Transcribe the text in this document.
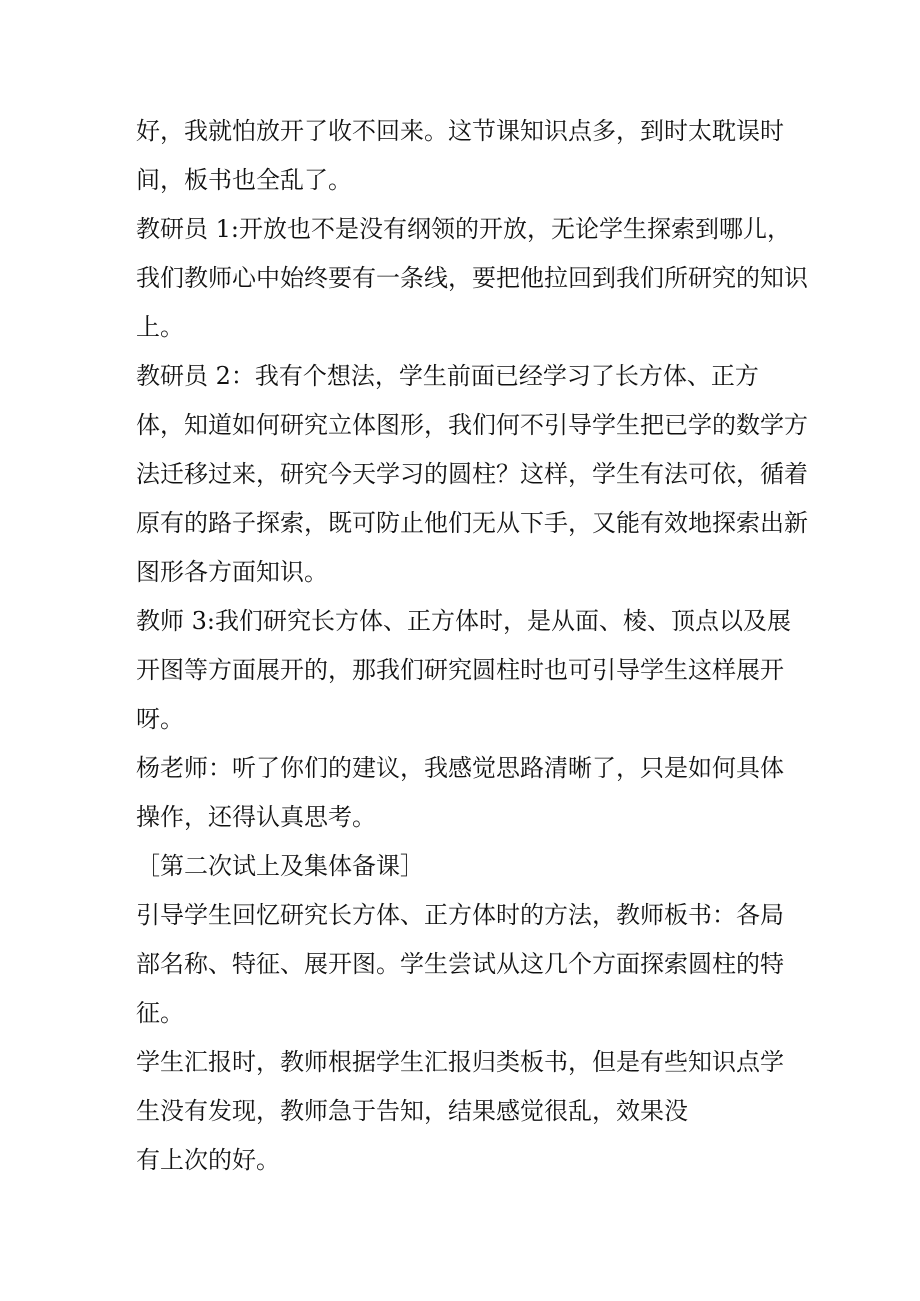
好，我就怕放开了收不回来。这节课知识点多，到时太耽误时
间，板书也全乱了。
教研员 1:开放也不是没有纲领的开放，无论学生探索到哪儿，
我们教师心中始终要有一条线，要把他拉回到我们所研究的知识
上。
教研员 2：我有个想法，学生前面已经学习了长方体、正方
体，知道如何研究立体图形，我们何不引导学生把已学的数学方
法迁移过来，研究今天学习的圆柱？这样，学生有法可依，循着
原有的路子探索，既可防止他们无从下手，又能有效地探索出新
图形各方面知识。
教师 3:我们研究长方体、正方体时，是从面、棱、顶点以及展
开图等方面展开的，那我们研究圆柱时也可引导学生这样展开
呀。
杨老师：听了你们的建议，我感觉思路清晰了，只是如何具体
操作，还得认真思考。
［第二次试上及集体备课］
引导学生回忆研究长方体、正方体时的方法，教师板书：各局
部名称、特征、展开图。学生尝试从这几个方面探索圆柱的特
征。
学生汇报时，教师根据学生汇报归类板书，但是有些知识点学
生没有发现，教师急于告知，结果感觉很乱，效果没
有上次的好。
